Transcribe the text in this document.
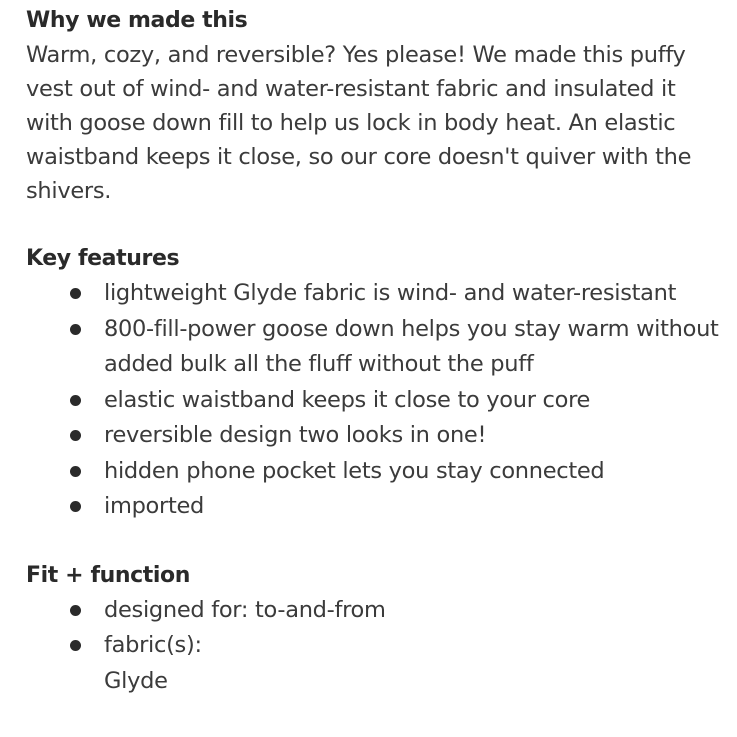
Why we made this

Warm, cozy, and reversible? Yes please! We made this puffy vest out of wind- and water-resistant fabric and insulated it with goose down fill to help us lock in body heat. An elastic waistband keeps it close, so our core doesn't quiver with the shivers.

Key features
lightweight Glyde fabric is wind- and water-resistant
800-fill-power goose down helps you stay warm without added bulk all the fluff without the puff
elastic waistband keeps it close to your core
reversible design two looks in one!
hidden phone pocket lets you stay connected
imported
Fit + function
designed for: to-and-from
fabric(s):
Glyde
